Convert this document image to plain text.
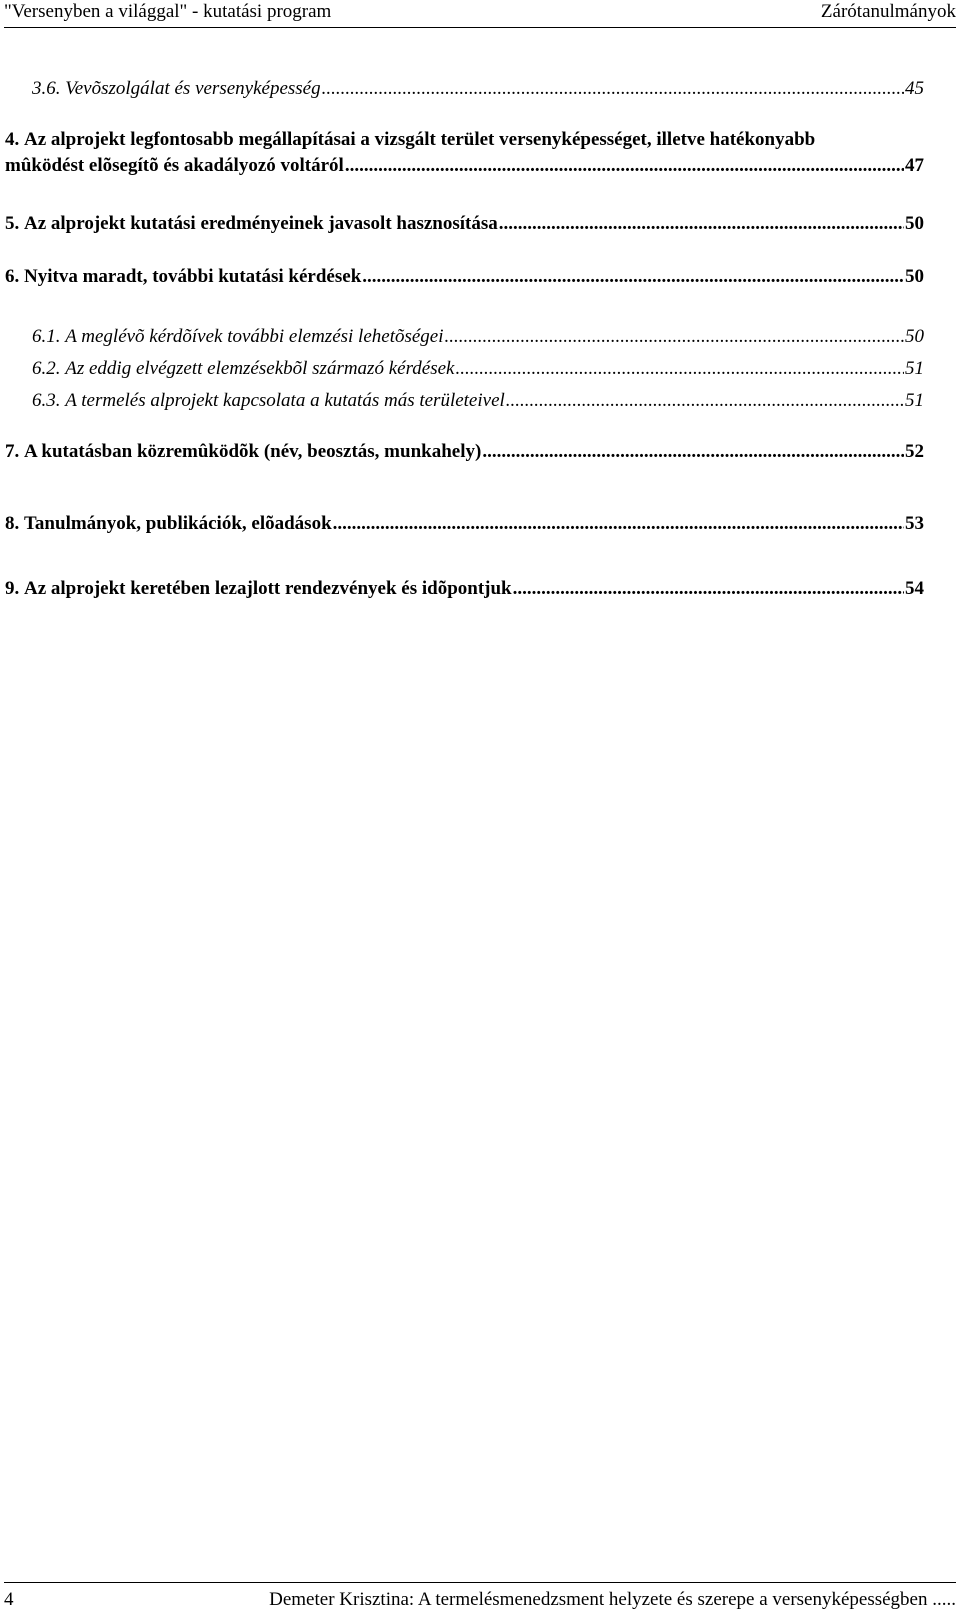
"Versenyben a világgal" - kutatási program	Zárótanulmányok
3.6. Vevõszolgálat és versenyképesség .....	45
4. Az alprojekt legfontosabb megállapításai a vizsgált terület versenyképességet, illetve hatékonyabb
mûködést elõsegítõ és akadályozó voltáról .....	47
5. Az alprojekt kutatási eredményeinek javasolt hasznosítása .....	50
6. Nyitva maradt, további kutatási kérdések .....	50
6.1. A meglévõ kérdõívek további elemzési lehetõségei .....	50
6.2. Az eddig elvégzett elemzésekbõl származó kérdések .....	51
6.3. A termelés alprojekt kapcsolata a kutatás más területeivel .....	51
7. A kutatásban közremûködõk (név, beosztás, munkahely) .....	52
8. Tanulmányok, publikációk, elõadások .....	53
9. Az alprojekt keretében lezajlott rendezvények és idõpontjuk .....	54
4	Demeter Krisztina: A termelésmenedzsment helyzete és szerepe a versenyképességben .....
